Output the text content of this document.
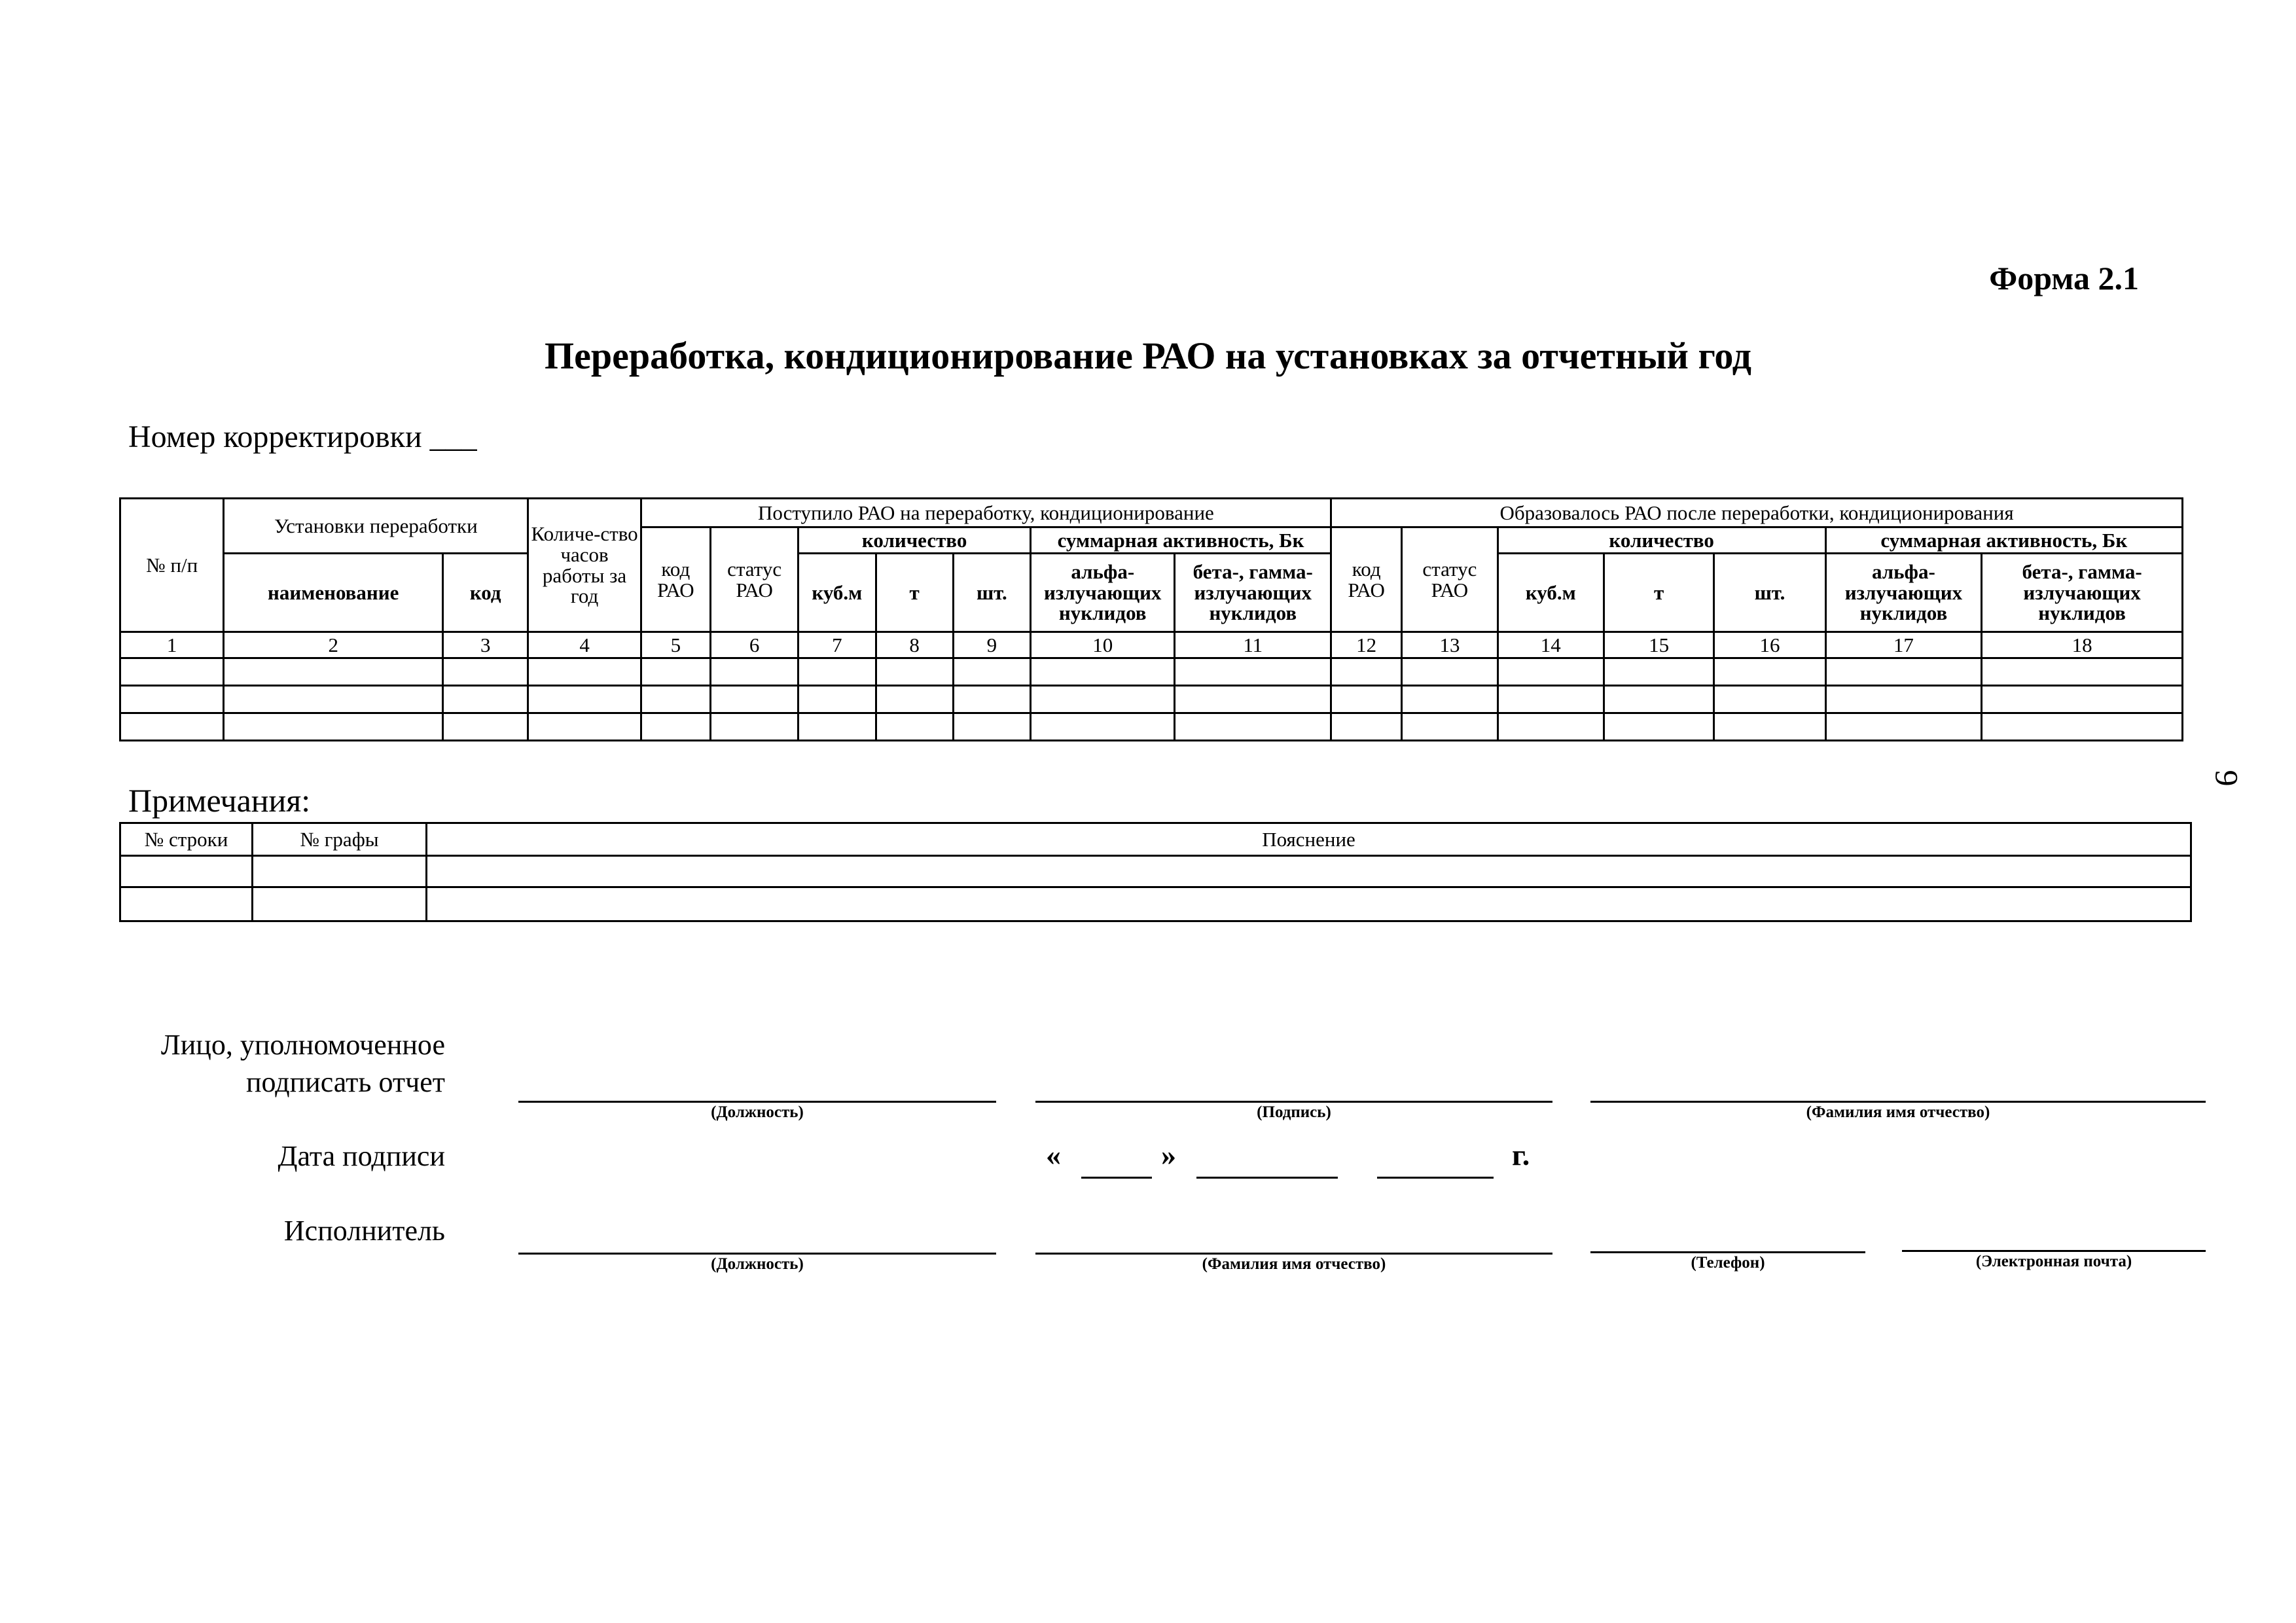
Форма 2.1
Переработка, кондиционирование РАО на установках за отчетный год
Номер корректировки ___
№ п/п	Установки переработки		Количе-ство часов работы за год	Поступило РАО на переработку, кондиционирование							Образовалось РАО после переработки, кондиционирования						
				код РАО	статус РАО	количество			суммарная активность, Бк		код РАО	статус РАО	количество			суммарная активность, Бк	
	наименование	код				куб.м	т	шт.	альфа-излучающих нуклидов	бета-, гамма-излучающих нуклидов			куб.м	т	шт.	альфа-излучающих нуклидов	бета-, гамма-излучающих нуклидов

1	2	3	4	5	6	7	8	9	10	11	12	13	14	15	16	17	18

Примечания:
№ строки	№ графы	Пояснение

Лицо, уполномоченное подписать отчет
(Должность)	(Подпись)	(Фамилия имя отчество)
Дата подписи	«	»	г.
Исполнитель
(Должность)	(Фамилия имя отчество)	(Телефон)	(Электронная почта)
9
